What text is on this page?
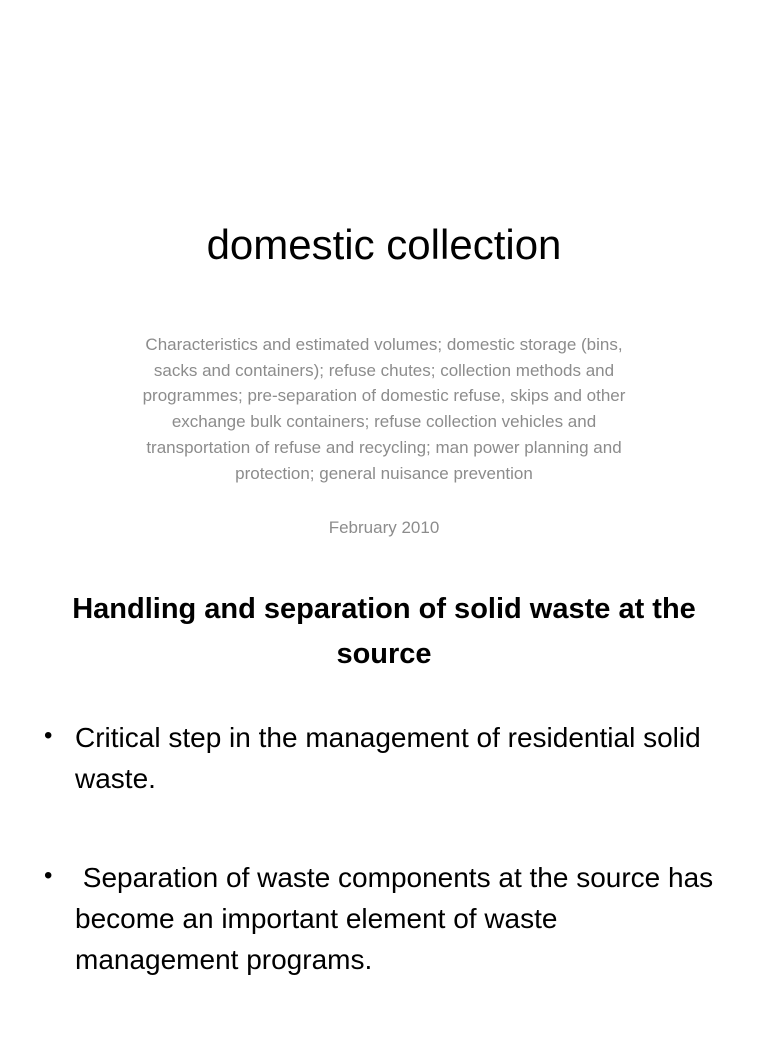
domestic collection

Characteristics and estimated volumes; domestic storage (bins, sacks and containers); refuse chutes; collection methods and programmes; pre-separation of domestic refuse, skips and other exchange bulk containers; refuse collection vehicles and transportation of refuse and recycling; man power planning and protection; general nuisance prevention

February 2010

Handling and separation of solid waste at the source
• Critical step in the management of residential solid waste.
• Separation of waste components at the source has become an important element of waste management programs.
